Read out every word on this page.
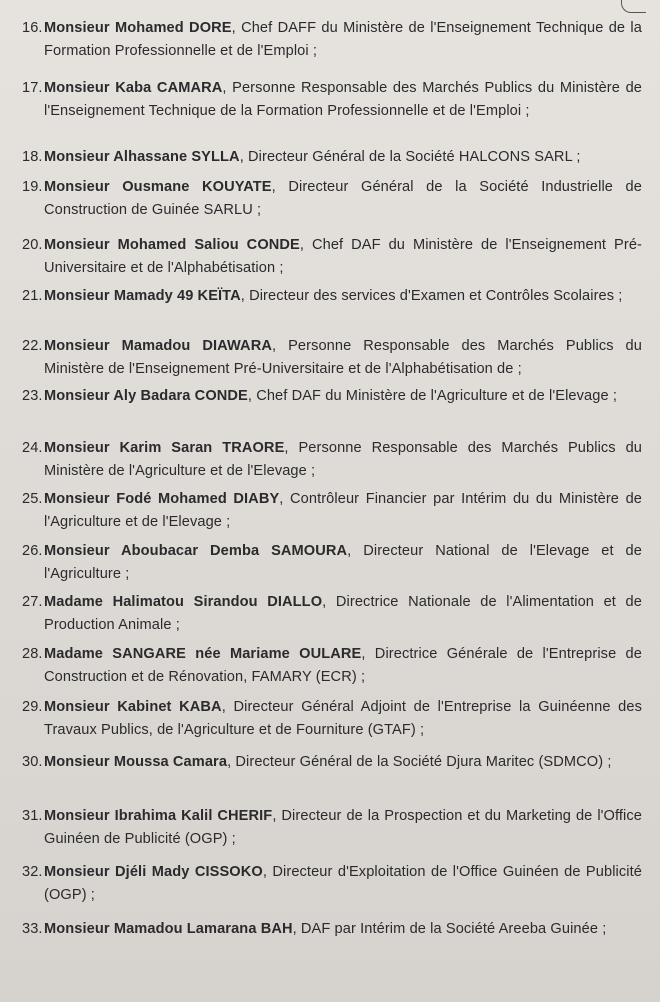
16. Monsieur Mohamed DORE, Chef DAFF du Ministère de l'Enseignement Technique de la Formation Professionnelle et de l'Emploi ;
17. Monsieur Kaba CAMARA, Personne Responsable des Marchés Publics du Ministère de l'Enseignement Technique de la Formation Professionnelle et de l'Emploi ;
18. Monsieur Alhassane SYLLA, Directeur Général de la Société HALCONS SARL ;
19. Monsieur Ousmane KOUYATE, Directeur Général de la Société Industrielle de Construction de Guinée SARLU ;
20. Monsieur Mohamed Saliou CONDE, Chef DAF du Ministère de l'Enseignement Pré-Universitaire et de l'Alphabétisation ;
21. Monsieur Mamady 49 KEÏTA, Directeur des services d'Examen et Contrôles Scolaires ;
22. Monsieur Mamadou DIAWARA, Personne Responsable des Marchés Publics du Ministère de l'Enseignement Pré-Universitaire et de l'Alphabétisation de ;
23. Monsieur Aly Badara CONDE, Chef DAF du Ministère de l'Agriculture et de l'Elevage ;
24. Monsieur Karim Saran TRAORE, Personne Responsable des Marchés Publics du Ministère de l'Agriculture et de l'Elevage ;
25. Monsieur Fodé Mohamed DIABY, Contrôleur Financier par Intérim du du Ministère de l'Agriculture et de l'Elevage ;
26. Monsieur Aboubacar Demba SAMOURA, Directeur National de l'Elevage et de l'Agriculture ;
27. Madame Halimatou Sirandou DIALLO, Directrice Nationale de l'Alimentation et de Production Animale ;
28. Madame SANGARE née Mariame OULARE, Directrice Générale de l'Entreprise de Construction et de Rénovation, FAMARY (ECR) ;
29. Monsieur Kabinet KABA, Directeur Général Adjoint de l'Entreprise la Guinéenne des Travaux Publics, de l'Agriculture et de Fourniture (GTAF) ;
30. Monsieur Moussa Camara, Directeur Général de la Société Djura Maritec (SDMCO) ;
31. Monsieur Ibrahima Kalil CHERIF, Directeur de la Prospection et du Marketing de l'Office Guinéen de Publicité (OGP) ;
32. Monsieur Djéli Mady CISSOKO, Directeur d'Exploitation de l'Office Guinéen de Publicité (OGP) ;
33. Monsieur Mamadou Lamarana BAH, DAF par Intérim de la Société Areeba Guinée ;
